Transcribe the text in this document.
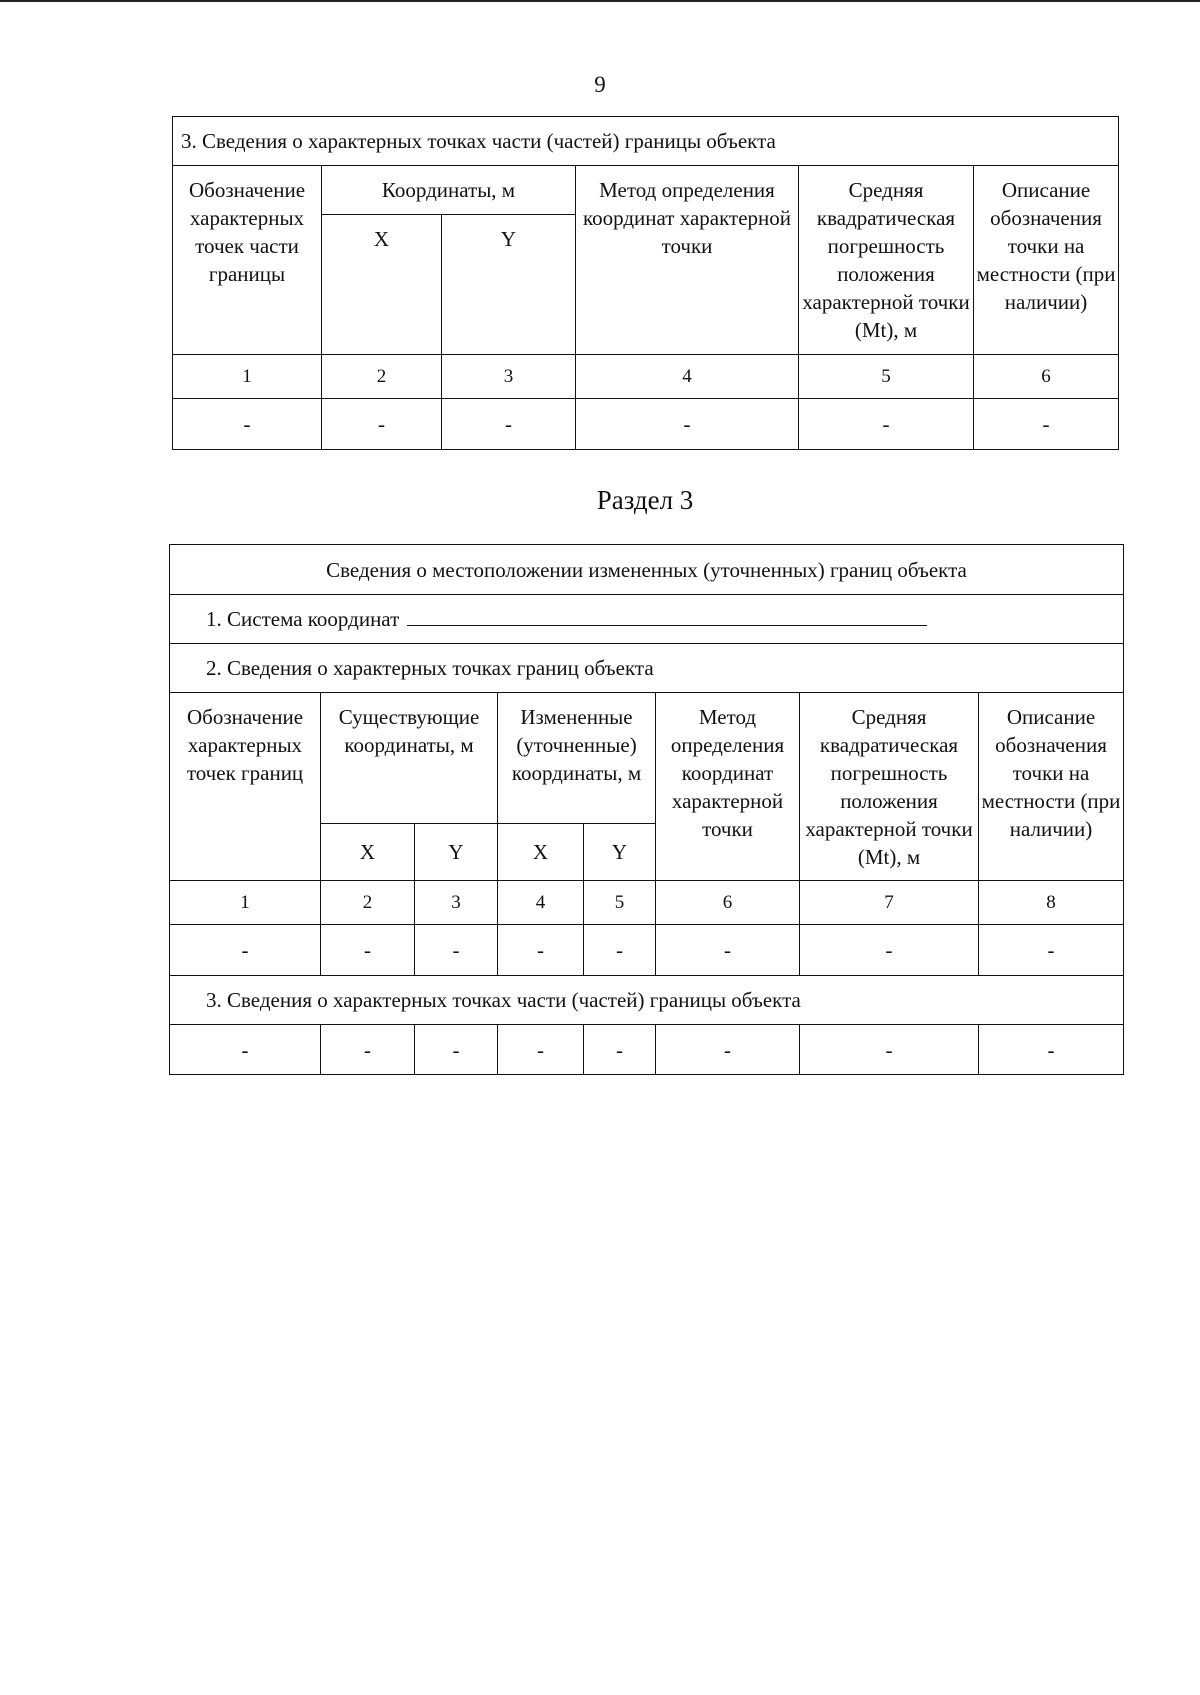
9
3. Сведения о характерных точках части (частей) границы объекта					
Обозначение характерных точек части границы	Координаты, м		Метод определения координат характерной точки	Средняя квадратическая погрешность положения характерной точки (Mt), м	Описание обозначения точки на местности (при наличии)
	X	Y			
1	2	3	4	5	6
-	-	-	-	-	-
Раздел 3
Сведения о местоположении измененных (уточненных) границ объекта							
1. Система координат							
2. Сведения о характерных точках границ объекта							
Обозначение характерных точек границ	Существующие координаты, м		Измененные (уточненные) координаты, м		Метод определения координат характерной точки	Средняя квадратическая погрешность положения характерной точки (Mt), м	Описание обозначения точки на местности (при наличии)
	X	Y	X	Y			
1	2	3	4	5	6	7	8
-	-	-	-	-	-	-	-
3. Сведения о характерных точках части (частей) границы объекта							
-	-	-	-	-	-	-	-
